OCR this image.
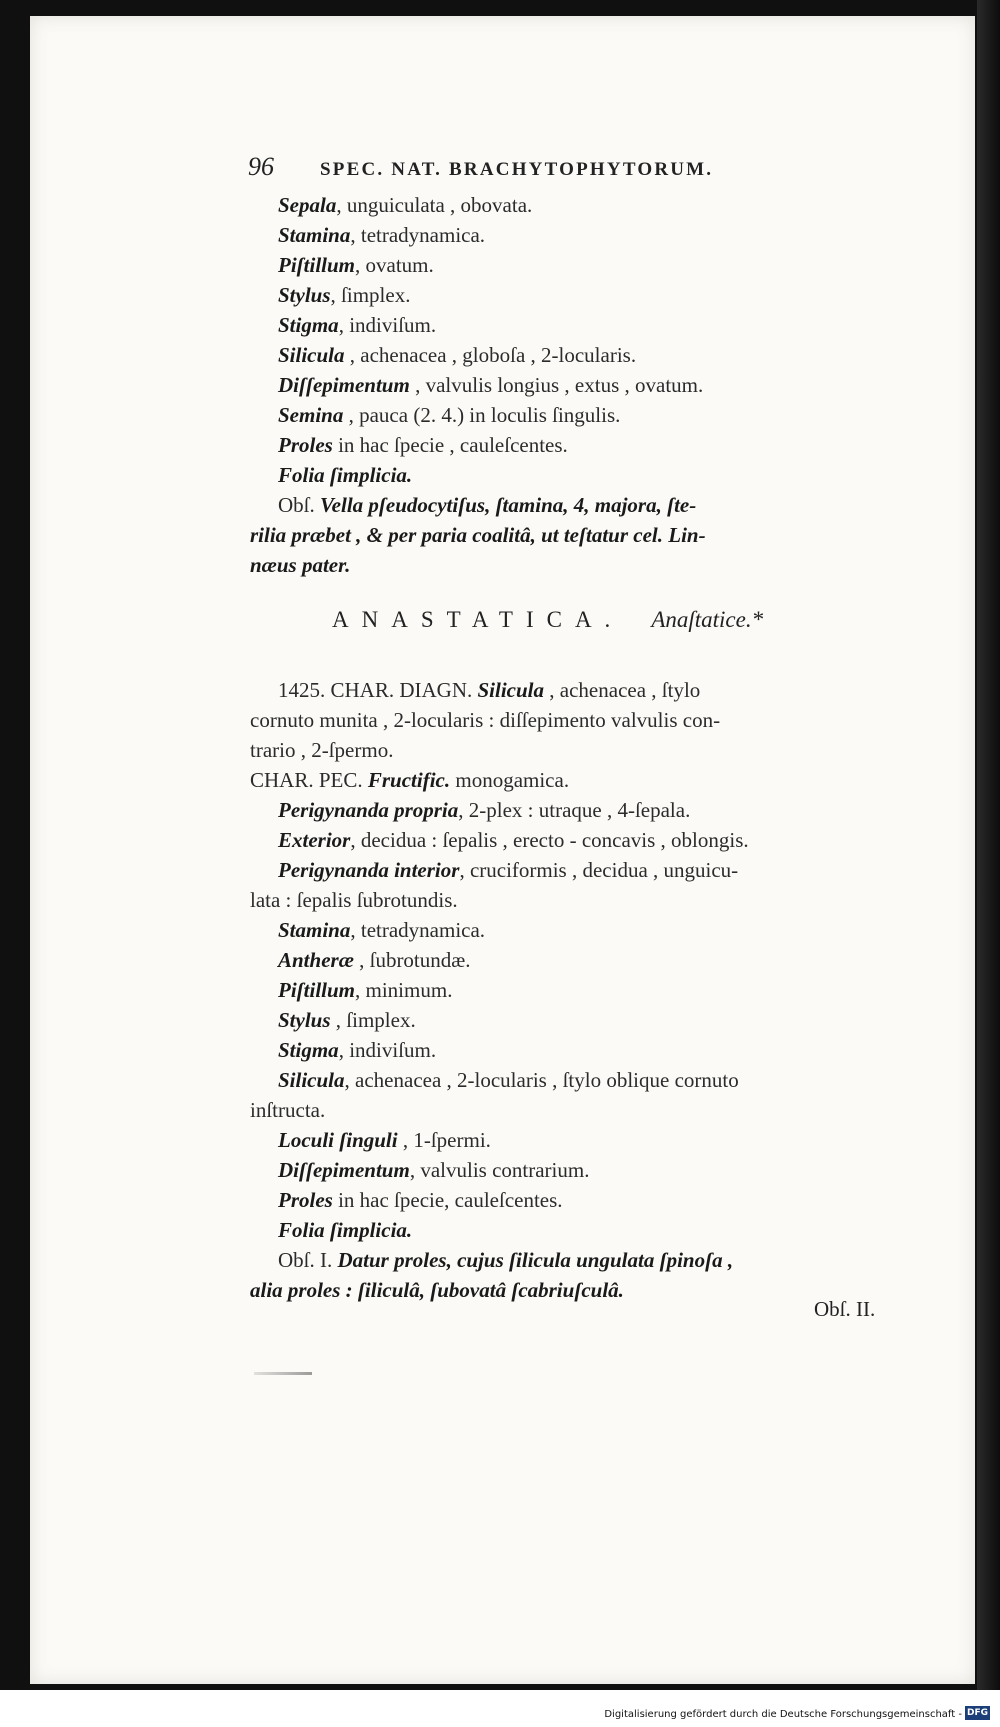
96 SPEC. NAT. BRACHYTOPHYTORUM.
Sepala, unguiculata , obovata.
Stamina, tetradynamica.
Piſtillum, ovatum.
Stylus, ſimplex.
Stigma, indiviſum.
Silicula , achenacea , globoſa , 2-locularis.
Diſſepimentum , valvulis longius , extus , ovatum.
Semina , pauca (2. 4.) in loculis ſingulis.
Proles in hac ſpecie , cauleſcentes.
Folia ſimplicia.
Obſ. Vella pſeudocytiſus, ſtamina, 4, majora, ſte-
rilia præbet , & per paria coalitâ, ut teſtatur cel. Lin-
næus pater.
ANASTATICA. Anaſtatice.*
1425. CHAR. DIAGN. Silicula , achenacea , ſtylo
cornuto munita , 2-locularis : diſſepimento valvulis con-
trario , 2-ſpermo.
CHAR. PEC. Fructific. monogamica.
Perigynanda propria, 2-plex : utraque , 4-ſepala.
Exterior, decidua : ſepalis , erecto - concavis , oblongis.
Perigynanda interior, cruciformis , decidua , unguicu-
lata : ſepalis ſubrotundis.
Stamina, tetradynamica.
Antheræ , ſubrotundæ.
Piſtillum, minimum.
Stylus , ſimplex.
Stigma, indiviſum.
Silicula, achenacea , 2-locularis , ſtylo oblique cornuto
inſtructa.
Loculi ſinguli , 1-ſpermi.
Diſſepimentum, valvulis contrarium.
Proles in hac ſpecie, cauleſcentes.
Folia ſimplicia.
Obſ. I. Datur proles, cujus ſilicula ungulata ſpinoſa ,
alia proles : ſiliculâ, ſubovatâ ſcabriuſculâ.
Obſ. II.
Digitalisierung gefördert durch die Deutsche Forschungsgemeinschaft - DFG
